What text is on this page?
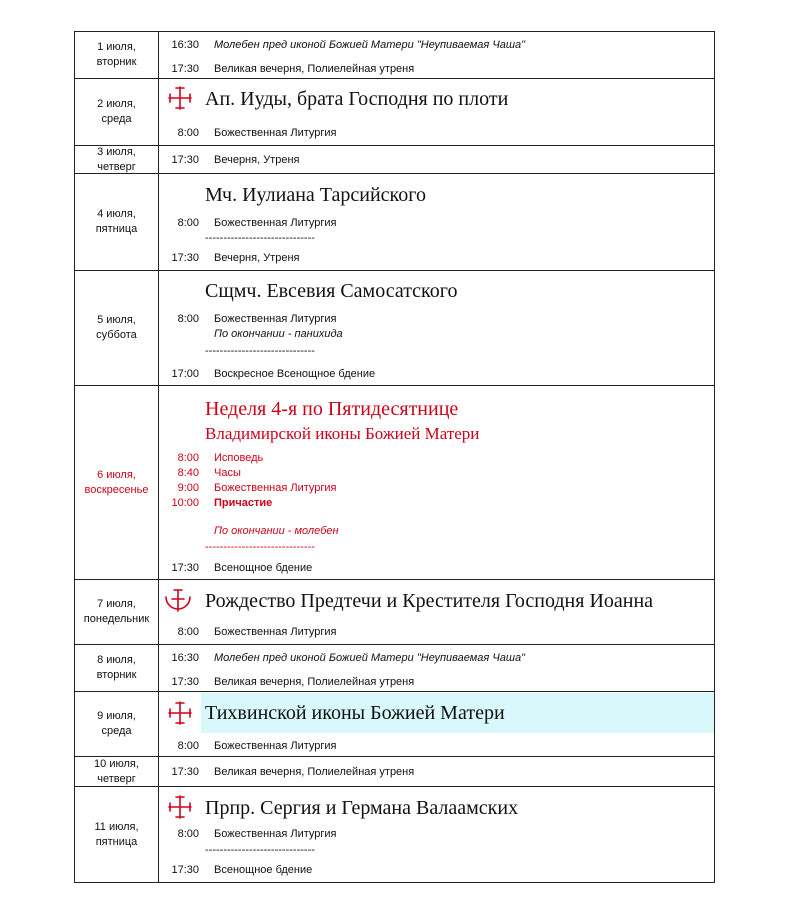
1 июля,
вторник
16:30 Молебен пред иконой Божией Матери "Неупиваемая Чаша"
17:30 Великая вечерня, Полиелейная утреня
2 июля,
среда
Ап. Иуды, брата Господня по плоти
8:00 Божественная Литургия
3 июля,
четверг
17:30 Вечерня, Утреня
4 июля,
пятница
Мч. Иулиана Тарсийского
8:00 Божественная Литургия
------------------------------
17:30 Вечерня, Утреня
5 июля,
суббота
Сщмч. Евсевия Самосатского
8:00 Божественная Литургия
По окончании - панихида
------------------------------
17:00 Воскресное Всенощное бдение
6 июля,
воскресенье
Неделя 4-я по Пятидесятнице
Владимирской иконы Божией Матери
8:00 Исповедь
8:40 Часы
9:00 Божественная Литургия
10:00 Причастие
По окончании - молебен
------------------------------
17:30 Всенощное бдение
7 июля,
понедельник
Рождество Предтечи и Крестителя Господня Иоанна
8:00 Божественная Литургия
8 июля,
вторник
16:30 Молебен пред иконой Божией Матери "Неупиваемая Чаша"
17:30 Великая вечерня, Полиелейная утреня
9 июля,
среда
Тихвинской иконы Божией Матери
8:00 Божественная Литургия
10 июля,
четверг
17:30 Великая вечерня, Полиелейная утреня
11 июля,
пятница
Прпр. Сергия и Германа Валаамских
8:00 Божественная Литургия
------------------------------
17:30 Всенощное бдение
